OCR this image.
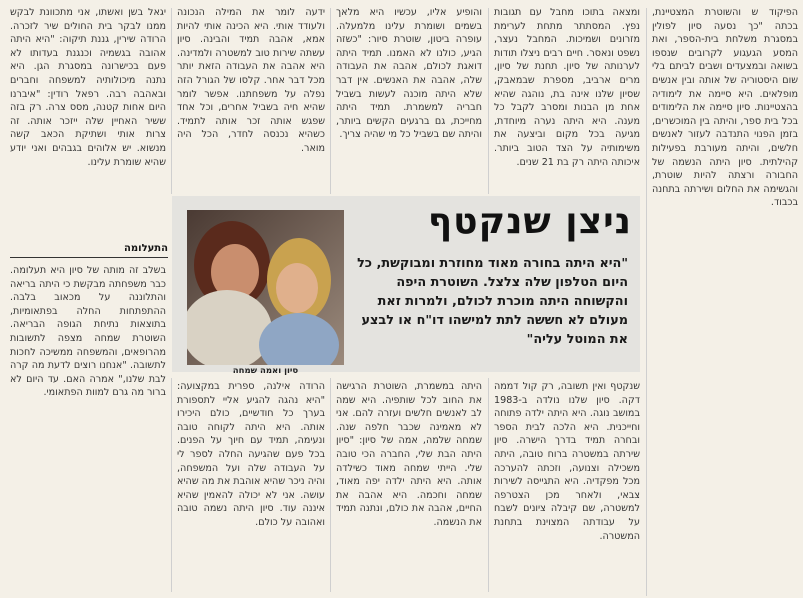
הפיקוד ש והשוטרת המצטיינת, בכתה "כך נסעה סיון לפולין במסגרת משלחת בית-הספר, ואת המסע הגעגוע לקרובים שנספו בשואה ובמצעדים ושבים לביתם בלי שום היסטוריה של אותה ובין אנשים מופלאים. היא סיימה את לימודיה בהצטיינות. סיון סיימה את הלימודים בכל בית ספר, והיתה בין המוכשרים, בזמן הפנוי התנדבה לעזור לאנשים חלשים, והיתה מעורבת בפעילות קהילתית. סיון היתה הנשמה של החבורה ורצתה להיות שוטרת, והגשימה את החלום ושירתה בתחנה בכבוד.

ומצאה בתוכו מחבל עם תגובות נפץ. המסתתר מתחת לערימת מזרונים ושמיכות. המחבל נעצר, נשפט ונאסר. חיים רבים ניצלו תודות לערנותה של סיון. תחנת של סיון, מרים ארביב, מספרת שבמאבק, שסיון שלנו אינה בת, נוהגה שהיא אחת מן הבנות ומסרב לקבל כל מענה. היא היתה נערה מיוחדת, מגיעה בכל מקום וביצעה את משימותיה על הצד הטוב ביותר. איכותה היתה רק בת 21 שנים.

והופיע אליו, עכשיו היא מלאך בשמים ושומרת עלינו מלמעלה. עופרה ביטון, שוטרת סיור: "כשזה הגיע, כולנו לא האמנו. תמיד היתה דואגת לכולם, אהבה את העבודה שלה, אהבה את האנשים. אין דבר שלא היתה מוכנה לעשות בשביל חבריה למשמרת. תמיד היתה מחייכת, גם ברגעים הקשים ביותר, והיתה שם בשביל כל מי שהיה צריך.

ידעה לומר את המילה הנכונה ולעודד אותי. היא הכינה אותי להיות אמא, אהבה תמיד והבינה. סיון עשתה שירות טוב למשטרה ולמדינה. היא אהבה את העבודה הזאת יותר מכל דבר אחר. קלסו של הגורל הזה נפלה על משפחתנו. אפשר לומר שהיא חיה בשביל אחרים, וכל אחד שפגש אותה זכר אותה לתמיד. כשהיא נכנסה לחדר, הכל היה מואר.

יגאל בשן ואשתו, אני מתכוונת לבקש ממנו לבקר בית החולים שיר לזכרה. הרודה שירין, גננת תיקוה: "היא היתה אהובה בגשמיה וכנגנת בעדותו לא פעם בכישרונה במסגרת הגן. היא נתנה מיכולותיה למשפחה וחברים ובאהבה רבה. רפאל רודין: "איברנו היום אחות קטנה, מסס צרה. רק בזה ששיר האחיין שלה ייזכר אותה. זה צרות אותי ושתיקת הכאב קשה מנשוא. יש אלוהים בגבהים ואני יודע שהיא שומרת עלינו.

סיון ואמה שמחה
ניצן שנקטף
"היא היתה בחורה מאוד מחוזרת ומבוקשת, כל היום הטלפון שלה צלצל. השוטרת היפה והקשוחה היתה מוכרת לכולם, ולמרות זאת מעולם לא חששה לתת למישהו דו"ח או לבצע את המוטל עליה"
התעלומה

בשלב זה מותה של סיון היא תעלומה. כבר משפחתה מבקשת כי היתה בריאה והתלוננה על מכאוב בלבה. ההתפתחות החלה בפתאומיות, בתוצאות נתיחת הגופה הבריאה. השוטרת שמחה מצפה לתשובות מהרופאים, והמשפחה ממשיכה לחכות לתשובה. "אנחנו רוצים לדעת מה קרה לבת שלנו," אמרה האם. עד היום לא ברור מה גרם למוות הפתאומי.

שנקטף ואין תשובה, רק קול דממה דקה. סיון שלנו נולדה ב-1983 במושב נוגה. היא היתה ילדה פתוחה וחייכנית. היא הלכה לבית הספר ובחרה תמיד בדרך הישרה. סיון שירתה במשטרה ברוח טובה, היתה משכילה וצנועה, וזכתה להערכה מכל מפקדיה. היא התגייסה לשירות צבאי, ולאחר מכן הצטרפה למשטרה, שם קיבלה ציונים לשבח על עבודתה המצוינת בתחנת המשטרה.

היתה במשמרת, השוטרת הרגישה את החוב לכל שותפיה. היא שמה לב לאנשים חלשים ועזרה להם. אני לא מאמינה שכבר חלפה שנה. שמחה שלמה, אמה של סיון: "סיון היתה הבת שלי, החברה הכי טובה שלי. הייתי שמחה מאוד כשילדה אותה. היא היתה ילדה יפה מאוד, שמחה וחכמה. היא אהבה את החיים, אהבה את כולם, ונתנה תמיד את הנשמה.

הרודה אילנה, ספרית במקצועה: "היא נהגה להגיע אליי לתספורת בערך כל חודשיים, כולם היכירו אותה. היא היתה לקוחה טובה ונעימה, תמיד עם חיוך על הפנים. בכל פעם שהגיעה החלה לספר לי על העבודה שלה ועל המשפחה, והיה ניכר שהיא אוהבת את מה שהיא עושה. אני לא יכולה להאמין שהיא איננה עוד. סיון היתה נשמה טובה ואהובה על כולם.
